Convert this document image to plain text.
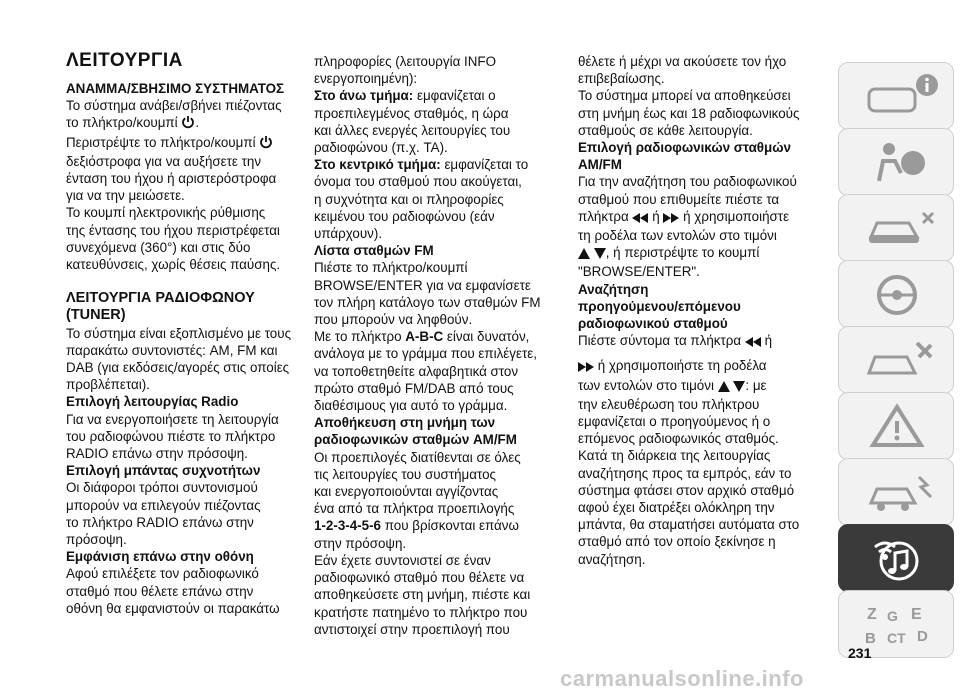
ΛΕΙΤΟΥΡΓΙΑ

ΑΝΑΜΜΑ/ΣΒΗΣΙΜΟ ΣΥΣΤΗΜΑΤΟΣ

Το σύστημα ανάβει/σβήνει πιέζοντας

το πλήκτρο/κουμπί .

Περιστρέψτε το πλήκτρο/κουμπί

δεξιόστροφα για να αυξήσετε την

ένταση του ήχου ή αριστερόστροφα

για να την μειώσετε.

Το κουμπί ηλεκτρονικής ρύθμισης

της έντασης του ήχου περιστρέφεται

συνεχόμενα (360°) και στις δύο

κατευθύνσεις, χωρίς θέσεις παύσης.

ΛΕΙΤΟΥΡΓΙΑ ΡΑΔΙΟΦΩΝΟΥ

(TUNER)

Το σύστημα είναι εξοπλισμένο με τους

παρακάτω συντονιστές: AM, FM και

DAB (για εκδόσεις/αγορές στις οποίες

προβλέπεται).

Επιλογή λειτουργίας Radio

Για να ενεργοποιήσετε τη λειτουργία

του ραδιοφώνου πιέστε το πλήκτρο

RADIO επάνω στην πρόσοψη.

Επιλογή μπάντας συχνοτήτων

Οι διάφοροι τρόποι συντονισμού

μπορούν να επιλεγούν πιέζοντας

το πλήκτρο RADIO επάνω στην

πρόσοψη.

Εμφάνιση επάνω στην οθόνη

Αφού επιλέξετε τον ραδιοφωνικό

σταθμό που θέλετε επάνω στην

οθόνη θα εμφανιστούν οι παρακάτω

πληροφορίες (λειτουργία INFO

ενεργοποιημένη):

Στο άνω τμήμα: εμφανίζεται ο

προεπιλεγμένος σταθμός, η ώρα

και άλλες ενεργές λειτουργίες του

ραδιοφώνου (π.χ. TA).

Στο κεντρικό τμήμα: εμφανίζεται το

όνομα του σταθμού που ακούγεται,

η συχνότητα και οι πληροφορίες

κειμένου του ραδιοφώνου (εάν

υπάρχουν).

Λίστα σταθμών FM

Πιέστε το πλήκτρο/κουμπί

BROWSE/ENTER για να εμφανίσετε

τον πλήρη κατάλογο των σταθμών FM

που μπορούν να ληφθούν.

Με το πλήκτρο A-B-C είναι δυνατόν,

ανάλογα με το γράμμα που επιλέγετε,

να τοποθετηθείτε αλφαβητικά στον

πρώτο σταθμό FM/DAB από τους

διαθέσιμους για αυτό το γράμμα.

Αποθήκευση στη μνήμη των

ραδιοφωνικών σταθμών AM/FM

Οι προεπιλογές διατίθενται σε όλες

τις λειτουργίες του συστήματος

και ενεργοποιούνται αγγίζοντας

ένα από τα πλήκτρα προεπιλογής

1-2-3-4-5-6 που βρίσκονται επάνω

στην πρόσοψη.

Εάν έχετε συντονιστεί σε έναν

ραδιοφωνικό σταθμό που θέλετε να

αποθηκεύσετε στη μνήμη, πιέστε και

κρατήστε πατημένο το πλήκτρο που

αντιστοιχεί στην προεπιλογή που

θέλετε ή μέχρι να ακούσετε τον ήχο

επιβεβαίωσης.

Το σύστημα μπορεί να αποθηκεύσει

στη μνήμη έως και 18 ραδιοφωνικούς

σταθμούς σε κάθε λειτουργία.

Επιλογή ραδιοφωνικών σταθμών

AM/FM

Για την αναζήτηση του ραδιοφωνικού

σταθμού που επιθυμείτε πιέστε τα

πλήκτρα ή ή χρησιμοποιήστε

τη ροδέλα των εντολών στο τιμόνι

, ή περιστρέψτε το κουμπί

"BROWSE/ENTER".

Αναζήτηση

προηγούμενου/επόμενου

ραδιοφωνικού σταθμού

Πιέστε σύντομα τα πλήκτρα ή

ή χρησιμοποιήστε τη ροδέλα

των εντολών στο τιμόνι : με

την ελευθέρωση του πλήκτρου

εμφανίζεται ο προηγούμενος ή ο

επόμενος ραδιοφωνικός σταθμός.

Κατά τη διάρκεια της λειτουργίας

αναζήτησης προς τα εμπρός, εάν το

σύστημα φτάσει στον αρχικό σταθμό

αφού έχει διατρέξει ολόκληρη την

μπάντα, θα σταματήσει αυτόματα στο

σταθμό από τον οποίο ξεκίνησε η

αναζήτηση.

Z G E
B CT D
231
carmanualsonline.info
